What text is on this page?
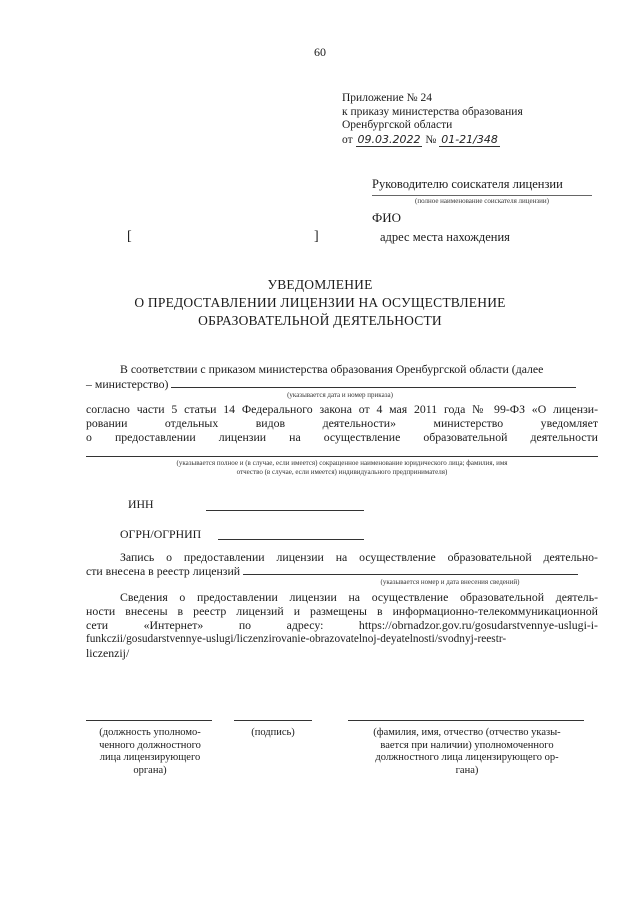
60
Приложение № 24
к приказу министерства образования
Оренбургской области
от 09.03.2022 № 01-21/348
Руководителю соискателя лицензии
(полное наименование соискателя лицензии)
ФИО
[	]	адрес места нахождения
УВЕДОМЛЕНИЕ
О ПРЕДОСТАВЛЕНИИ ЛИЦЕНЗИИ НА ОСУЩЕСТВЛЕНИЕ
ОБРАЗОВАТЕЛЬНОЙ ДЕЯТЕЛЬНОСТИ
В соответствии с приказом министерства образования Оренбургской области (далее
– министерство)
(указывается дата и номер приказа)
согласно части 5 статьи 14 Федерального закона от 4 мая 2011 года № 99-ФЗ «О лицензи-
ровании отдельных видов деятельности» министерство уведомляет
о предоставлении лицензии на осуществление образовательной деятельности
(указывается полное и (в случае, если имеется) сокращенное наименование юридического лица; фамилия, имя
отчество (в случае, если имеется) индивидуального предпринимателя)
ИНН
ОГРН/ОГРНИП
Запись о предоставлении лицензии на осуществление образовательной деятельно-
сти внесена в реестр лицензий
(указывается номер и дата внесения сведений)
Сведения о предоставлении лицензии на осуществление образовательной деятель-
ности внесены в реестр лицензий и размещены в информационно-телекоммуникационной
сети «Интернет» по адресу: https://obrnadzor.gov.ru/gosudarstvennye-uslugi-i-
funkczii/gosudarstvennye-uslugi/liczenzirovanie-obrazovatelnoj-deyatelnosti/svodnyj-reestr-
liczenzij/
(должность уполномо-
ченного должностного
лица лицензирующего
органа)
(подпись)	(фамилия, имя, отчество (отчество указы-
вается при наличии) уполномоченного
должностного лица лицензирующего ор-
гана)
